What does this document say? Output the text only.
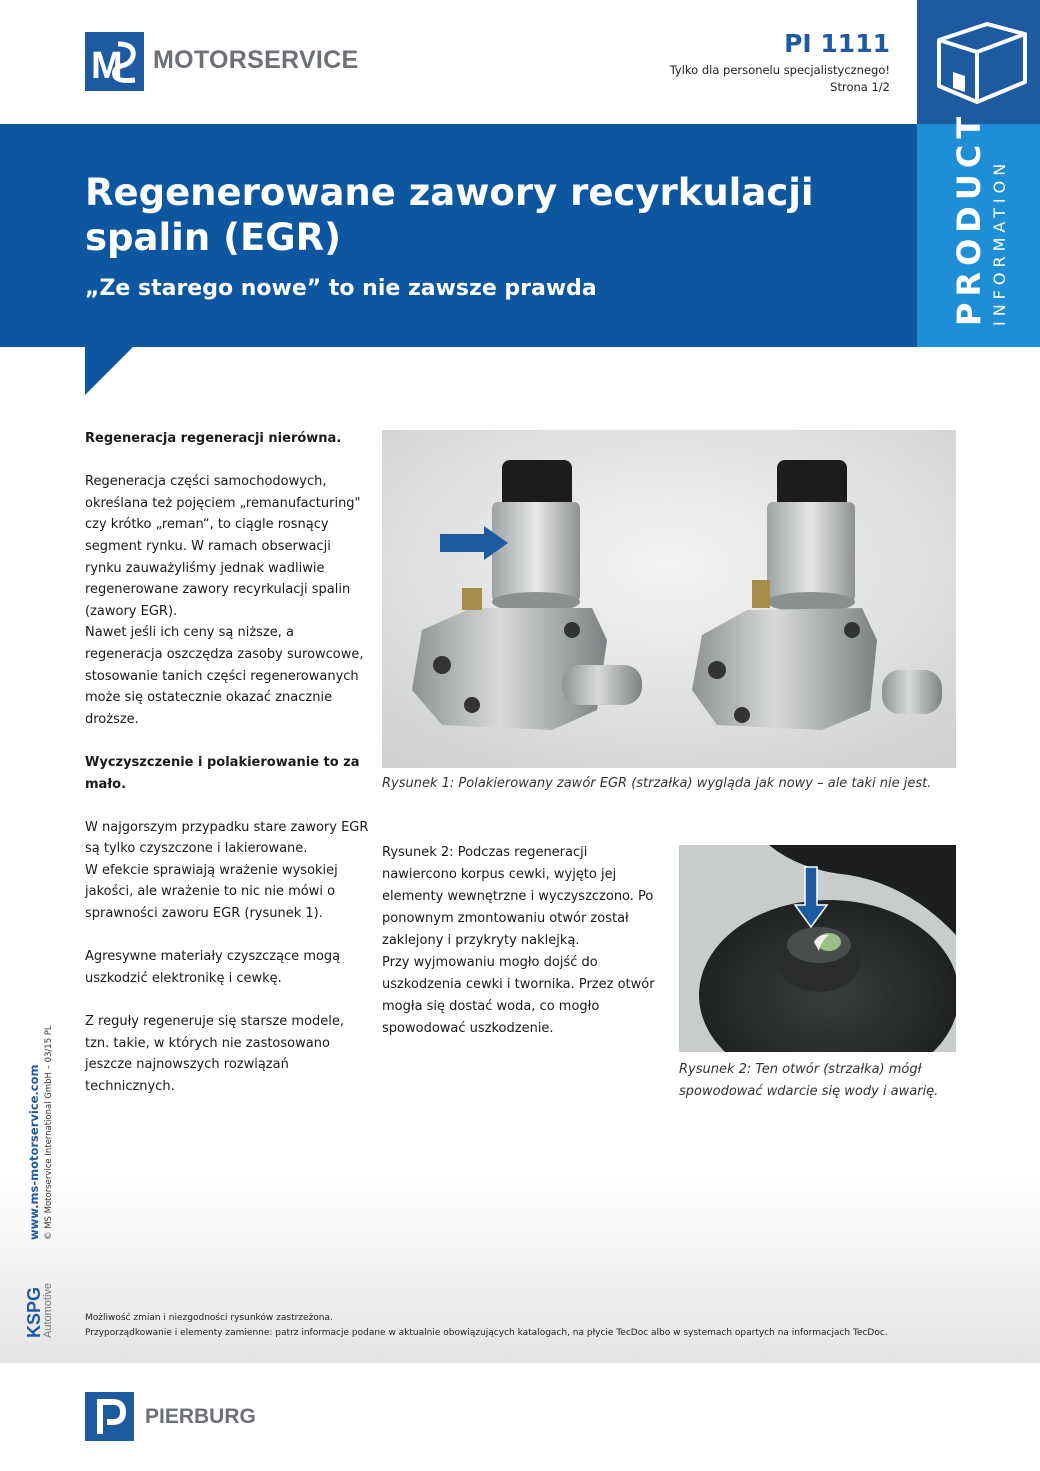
M MOTORSERVICE
PI 1111
Tylko dla personelu specjalistycznego!
Strona 1/2
Regenerowane zawory recyrkulacji spalin (EGR)
„Ze starego nowe” to nie zawsze prawda	PRODUCT INFORMATION

Regeneracja regeneracji nierówna.

Regeneracja części samochodowych, określana też pojęciem „remanufacturing" czy krótko „reman“, to ciągle rosnący segment rynku. W ramach obserwacji rynku zauważyliśmy jednak wadliwie regenerowane zawory recyrkulacji spalin (zawory EGR).

Nawet jeśli ich ceny są niższe, a regeneracja oszczędza zasoby surowcowe, stosowanie tanich części regenerowanych może się ostatecznie okazać znacznie droższe.

Wyczyszczenie i polakierowanie to za mało.

W najgorszym przypadku stare zawory EGR są tylko czyszczone i lakierowane.

W efekcie sprawiają wrażenie wysokiej jakości, ale wrażenie to nic nie mówi o sprawności zaworu EGR (rysunek 1).

Agresywne materiały czyszczące mogą uszkodzić elektronikę i cewkę.

Z reguły regeneruje się starsze modele, tzn. takie, w których nie zastosowano jeszcze najnowszych rozwiązań technicznych.

Rysunek 1: Polakierowany zawór EGR (strzałka) wygląda jak nowy – ale taki nie jest.

Rysunek 2: Podczas regeneracji nawiercono korpus cewki, wyjęto jej elementy wewnętrzne i wyczyszczono. Po ponownym zmontowaniu otwór został zaklejony i przykryty naklejką.

Przy wyjmowaniu mogło dojść do uszkodzenia cewki i twornika. Przez otwór mogła się dostać woda, co mogło spowodować uszkodzenie.

Rysunek 2: Ten otwór (strzałka) mógł spowodować wdarcie się wody i awarię.
Możliwość zmian i niezgodności rysunków zastrzeżona.
Przyporządkowanie i elementy zamienne: patrz informacje podane w aktualnie obowiązujących katalogach, na płycie TecDoc albo w systemach opartych na informacjach TecDoc.
www.ms-motorservice.com © MS Motorservice International GmbH – 03/15 PL
KSPG
Automotive
PIERBURG
